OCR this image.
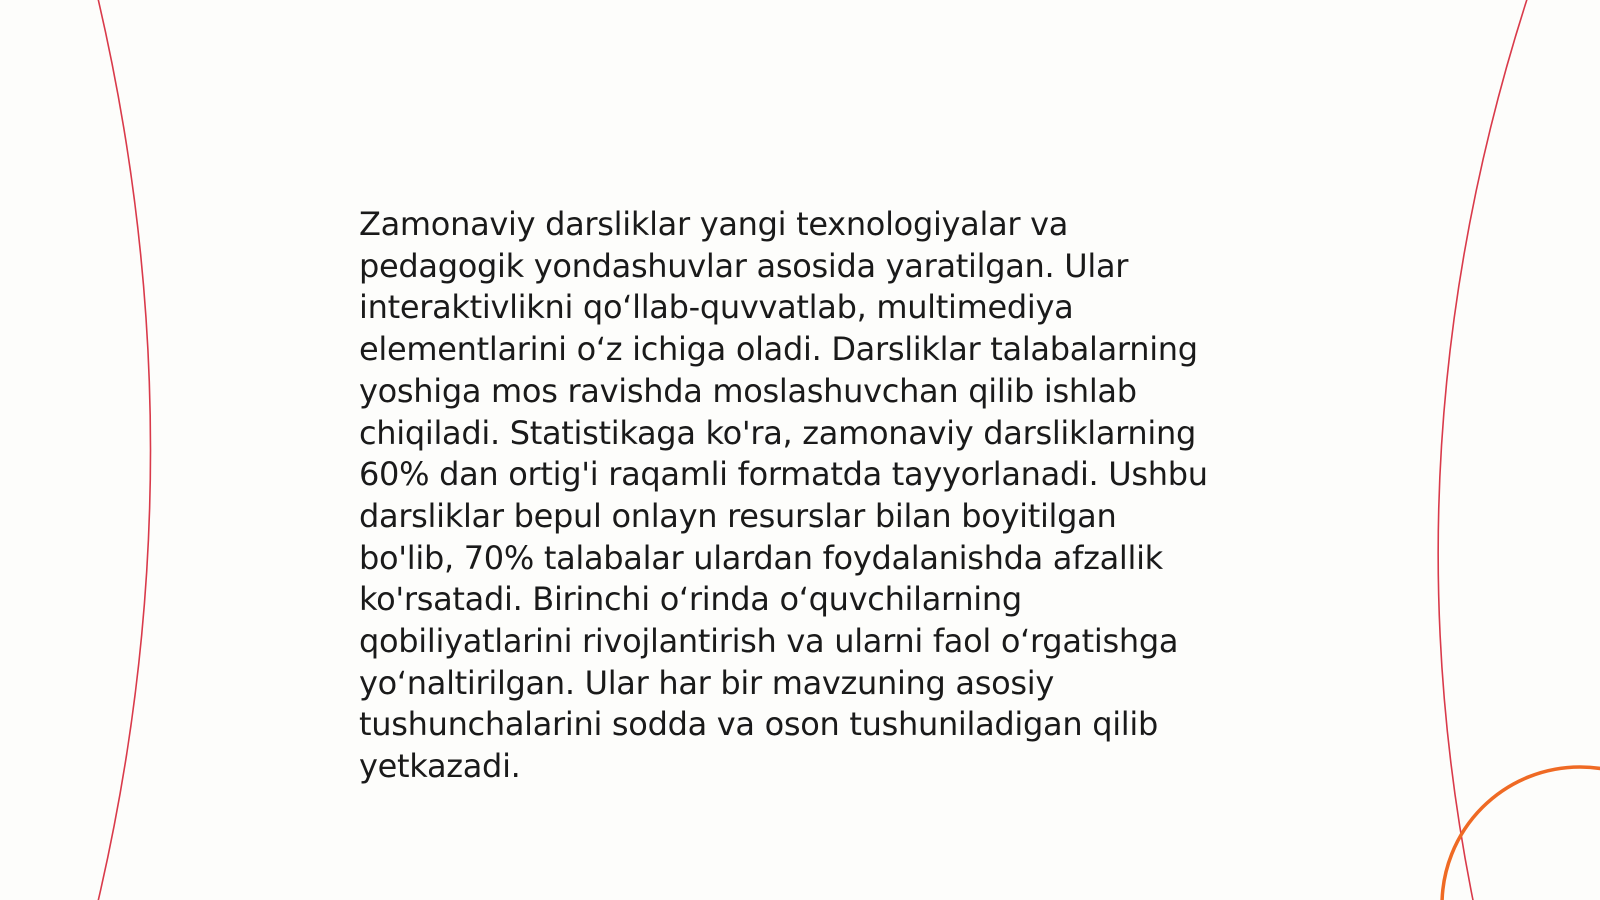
Zamonaviy darsliklar yangi texnologiyalar va
pedagogik yondashuvlar asosida yaratilgan. Ular
interaktivlikni qo‘llab-quvvatlab, multimediya
elementlarini o‘z ichiga oladi. Darsliklar talabalarning
yoshiga mos ravishda moslashuvchan qilib ishlab
chiqiladi. Statistikaga ko'ra, zamonaviy darsliklarning
60% dan ortig'i raqamli formatda tayyorlanadi. Ushbu
darsliklar bepul onlayn resurslar bilan boyitilgan
bo'lib, 70% talabalar ulardan foydalanishda afzallik
ko'rsatadi. Birinchi o‘rinda o‘quvchilarning
qobiliyatlarini rivojlantirish va ularni faol o‘rgatishga
yo‘naltirilgan. Ular har bir mavzuning asosiy
tushunchalarini sodda va oson tushuniladigan qilib
yetkazadi.
